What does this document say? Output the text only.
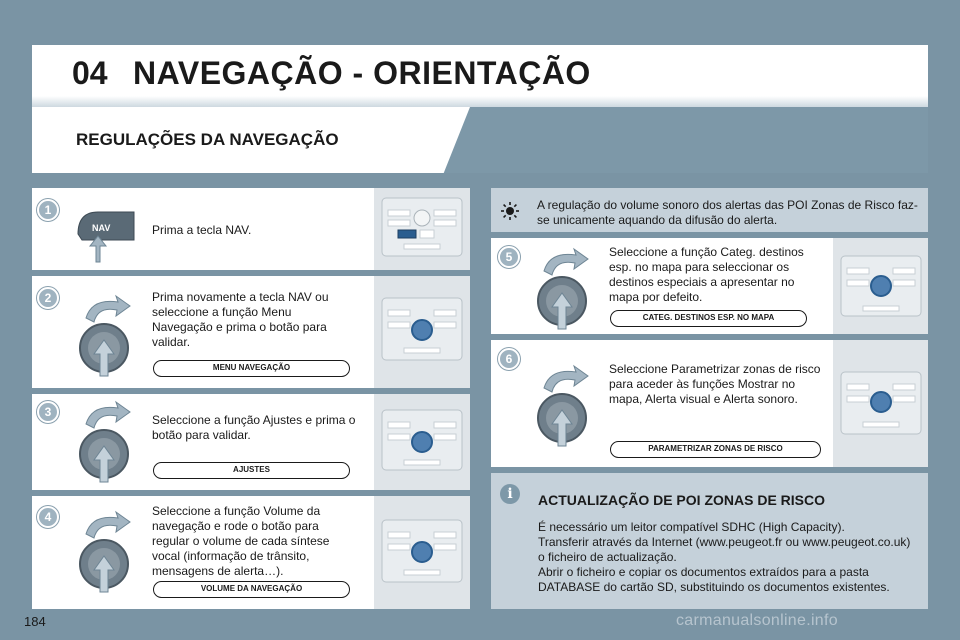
04 NAVEGAÇÃO - ORIENTAÇÃO
REGULAÇÕES DA NAVEGAÇÃO
1
NAV	Prima a tecla NAV.
2	Prima novamente a tecla NAV ou seleccione a função Menu Navegação e prima o botão para validar.
MENU NAVEGAÇÃO
3
Seleccione a função Ajustes e prima o botão para validar.
AJUSTES
4	Seleccione a função Volume da navegação e rode o botão para regular o volume de cada síntese vocal (informação de trânsito, mensagens de alerta…).
VOLUME DA NAVEGAÇÃO
A regulação do volume sonoro dos alertas das POI Zonas de Risco faz-se unicamente aquando da difusão do alerta.
5	Seleccione a função Categ. destinos esp. no mapa para seleccionar os destinos especiais a apresentar no mapa por defeito.
CATEG. DESTINOS ESP. NO MAPA
6
Seleccione Parametrizar zonas de risco para aceder às funções Mostrar no mapa, Alerta visual e Alerta sonoro.
PARAMETRIZAR ZONAS DE RISCO
i	ACTUALIZAÇÃO DE POI ZONAS DE RISCO
É necessário um leitor compatível SDHC (High Capacity).
Transferir através da Internet (www.peugeot.fr ou www.peugeot.co.uk)
o ficheiro de actualização.
Abrir o ficheiro e copiar os documentos extraídos para a pasta
DATABASE do cartão SD, substituindo os documentos existentes.
184	carmanualsonline.info
